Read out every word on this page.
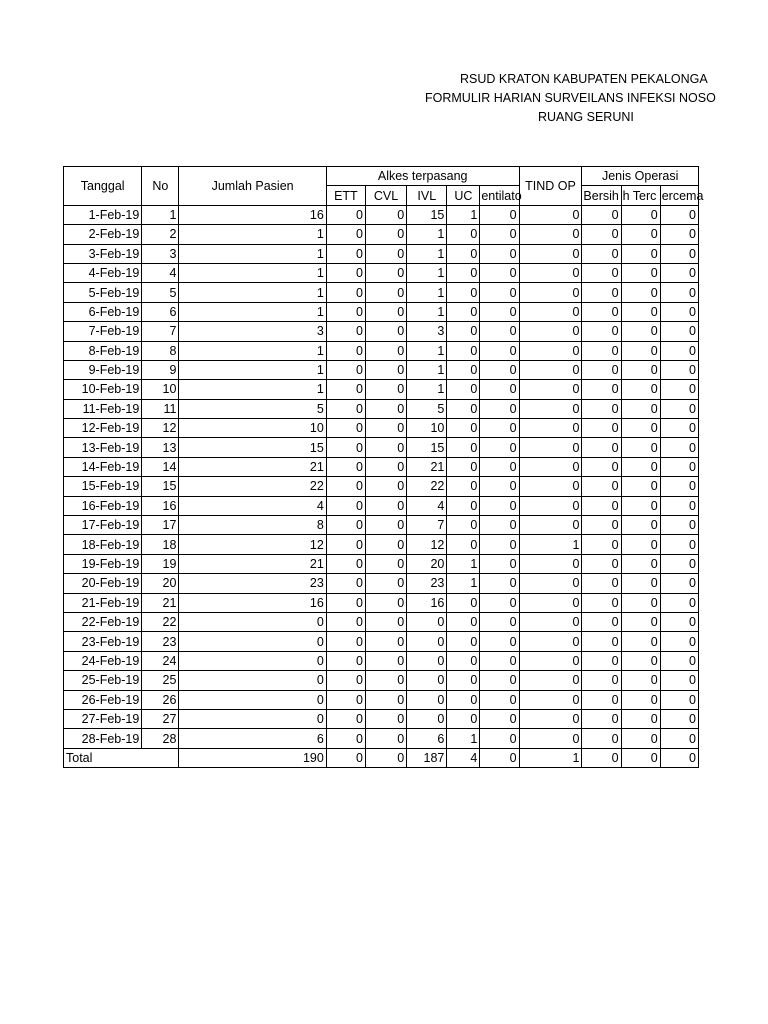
RSUD KRATON KABUPATEN PEKALONGA
FORMULIR HARIAN SURVEILANS INFEKSI NOSO
RUANG SERUNI
Tanggal	No	Jumlah Pasien	Alkes terpasang					TIND OP	Jenis Operasi		
			ETT	CVL	IVL	UC	entilato		Bersih	h Terc	ercema
1-Feb-19	1	16	0	0	15	1	0	0	0	0	0
2-Feb-19	2	1	0	0	1	0	0	0	0	0	0
3-Feb-19	3	1	0	0	1	0	0	0	0	0	0
4-Feb-19	4	1	0	0	1	0	0	0	0	0	0
5-Feb-19	5	1	0	0	1	0	0	0	0	0	0
6-Feb-19	6	1	0	0	1	0	0	0	0	0	0
7-Feb-19	7	3	0	0	3	0	0	0	0	0	0
8-Feb-19	8	1	0	0	1	0	0	0	0	0	0
9-Feb-19	9	1	0	0	1	0	0	0	0	0	0
10-Feb-19	10	1	0	0	1	0	0	0	0	0	0
11-Feb-19	11	5	0	0	5	0	0	0	0	0	0
12-Feb-19	12	10	0	0	10	0	0	0	0	0	0
13-Feb-19	13	15	0	0	15	0	0	0	0	0	0
14-Feb-19	14	21	0	0	21	0	0	0	0	0	0
15-Feb-19	15	22	0	0	22	0	0	0	0	0	0
16-Feb-19	16	4	0	0	4	0	0	0	0	0	0
17-Feb-19	17	8	0	0	7	0	0	0	0	0	0
18-Feb-19	18	12	0	0	12	0	0	1	0	0	0
19-Feb-19	19	21	0	0	20	1	0	0	0	0	0
20-Feb-19	20	23	0	0	23	1	0	0	0	0	0
21-Feb-19	21	16	0	0	16	0	0	0	0	0	0
22-Feb-19	22	0	0	0	0	0	0	0	0	0	0
23-Feb-19	23	0	0	0	0	0	0	0	0	0	0
24-Feb-19	24	0	0	0	0	0	0	0	0	0	0
25-Feb-19	25	0	0	0	0	0	0	0	0	0	0
26-Feb-19	26	0	0	0	0	0	0	0	0	0	0
27-Feb-19	27	0	0	0	0	0	0	0	0	0	0
28-Feb-19	28	6	0	0	6	1	0	0	0	0	0
Total		190	0	0	187	4	0	1	0	0	0
